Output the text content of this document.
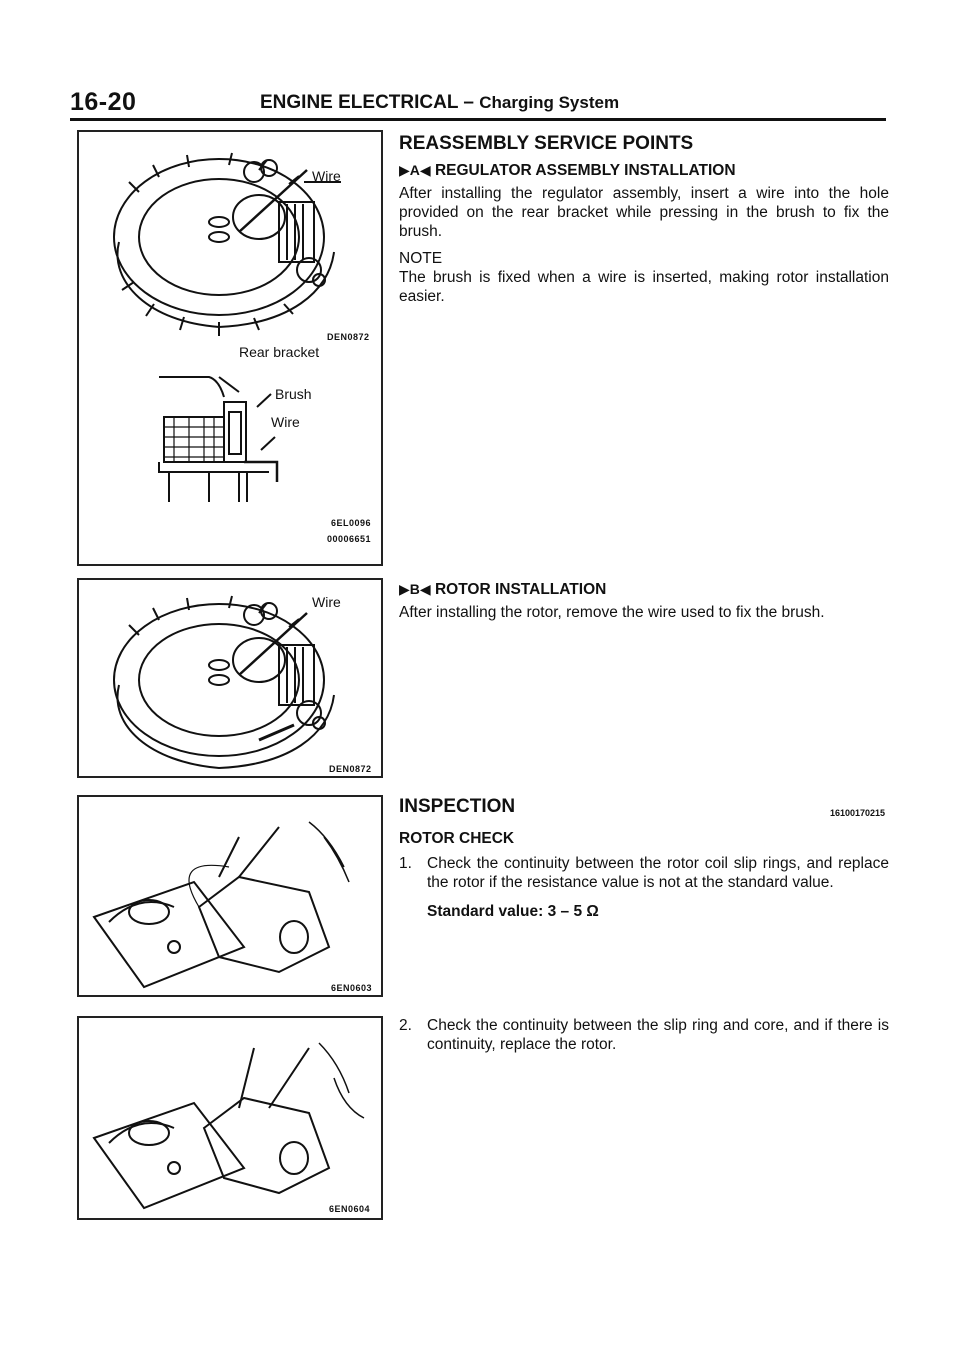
16-20	ENGINE ELECTRICAL – Charging System
Wire
DEN0872
Rear bracket
Brush
Wire
6EL0096
00006651
Wire
DEN0872
6EN0603
6EN0604

REASSEMBLY SERVICE POINTS

▶A◀ REGULATOR ASSEMBLY INSTALLATION

After installing the regulator assembly, insert a wire into the hole provided on the rear bracket while pressing in the brush to fix the brush.

NOTE

The brush is fixed when a wire is inserted, making rotor installation easier.

▶B◀ ROTOR INSTALLATION

After installing the rotor, remove the wire used to fix the brush.

INSPECTION	16100170215

ROTOR CHECK

1. Check the continuity between the rotor coil slip rings, and replace the rotor if the resistance value is not at the standard value.

Standard value: 3 – 5 Ω

2. Check the continuity between the slip ring and core, and if there is continuity, replace the rotor.
